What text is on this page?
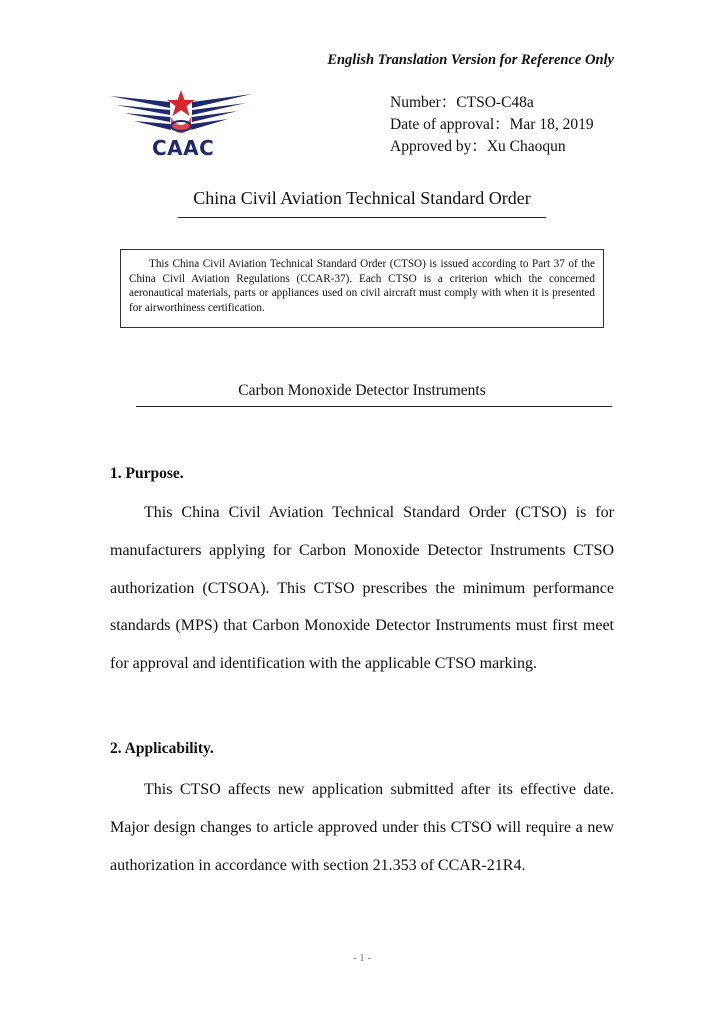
English Translation Version for Reference Only
CAAC
Number：CTSO-C48a
Date of approval：Mar 18, 2019
Approved by：Xu Chaoqun
China Civil Aviation Technical Standard Order
This China Civil Aviation Technical Standard Order (CTSO) is issued according to Part 37 of the China Civil Aviation Regulations (CCAR-37). Each CTSO is a criterion which the concerned aeronautical materials, parts or appliances used on civil aircraft must comply with when it is presented for airworthiness certification.
Carbon Monoxide Detector Instruments
1. Purpose.
This China Civil Aviation Technical Standard Order (CTSO) is for manufacturers applying for Carbon Monoxide Detector Instruments CTSO authorization (CTSOA). This CTSO prescribes the minimum performance standards (MPS) that Carbon Monoxide Detector Instruments must first meet for approval and identification with the applicable CTSO marking.
2. Applicability.
This CTSO affects new application submitted after its effective date. Major design changes to article approved under this CTSO will require a new authorization in accordance with section 21.353 of CCAR-21R4.
- 1 -
